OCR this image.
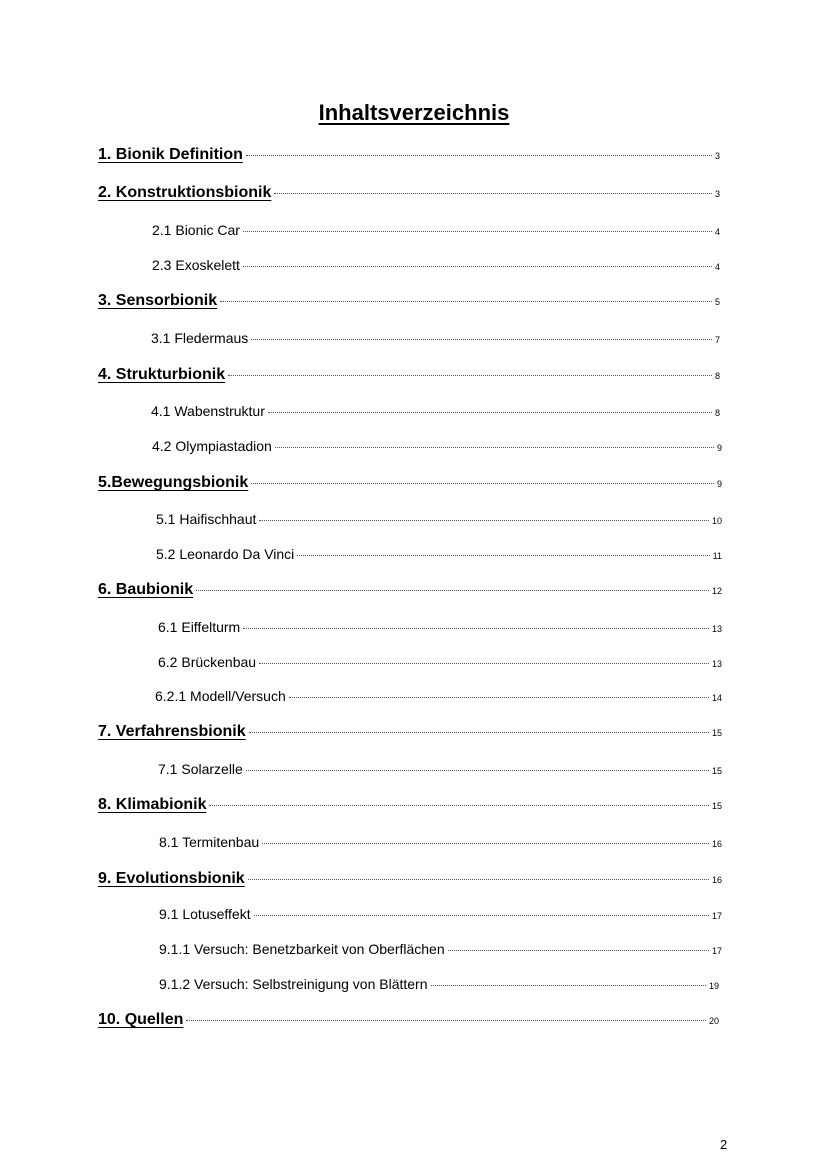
Inhaltsverzeichnis
1. Bionik Definition	3
2. Konstruktionsbionik	3
2.1 Bionic Car	4
2.3 Exoskelett	4
3. Sensorbionik	5
3.1 Fledermaus	7
4. Strukturbionik	8
4.1 Wabenstruktur	8
4.2 Olympiastadion	9
5.Bewegungsbionik	9
5.1 Haifischhaut	10
5.2 Leonardo Da Vinci	11
6. Baubionik	12
6.1 Eiffelturm	13
6.2 Brückenbau	13
6.2.1 Modell/Versuch	14
7. Verfahrensbionik	15
7.1 Solarzelle	15
8. Klimabionik	15
8.1 Termitenbau	16
9. Evolutionsbionik	16
9.1 Lotuseffekt	17
9.1.1 Versuch: Benetzbarkeit von Oberflächen	17
9.1.2 Versuch: Selbstreinigung von Blättern	19
10. Quellen	20
2
